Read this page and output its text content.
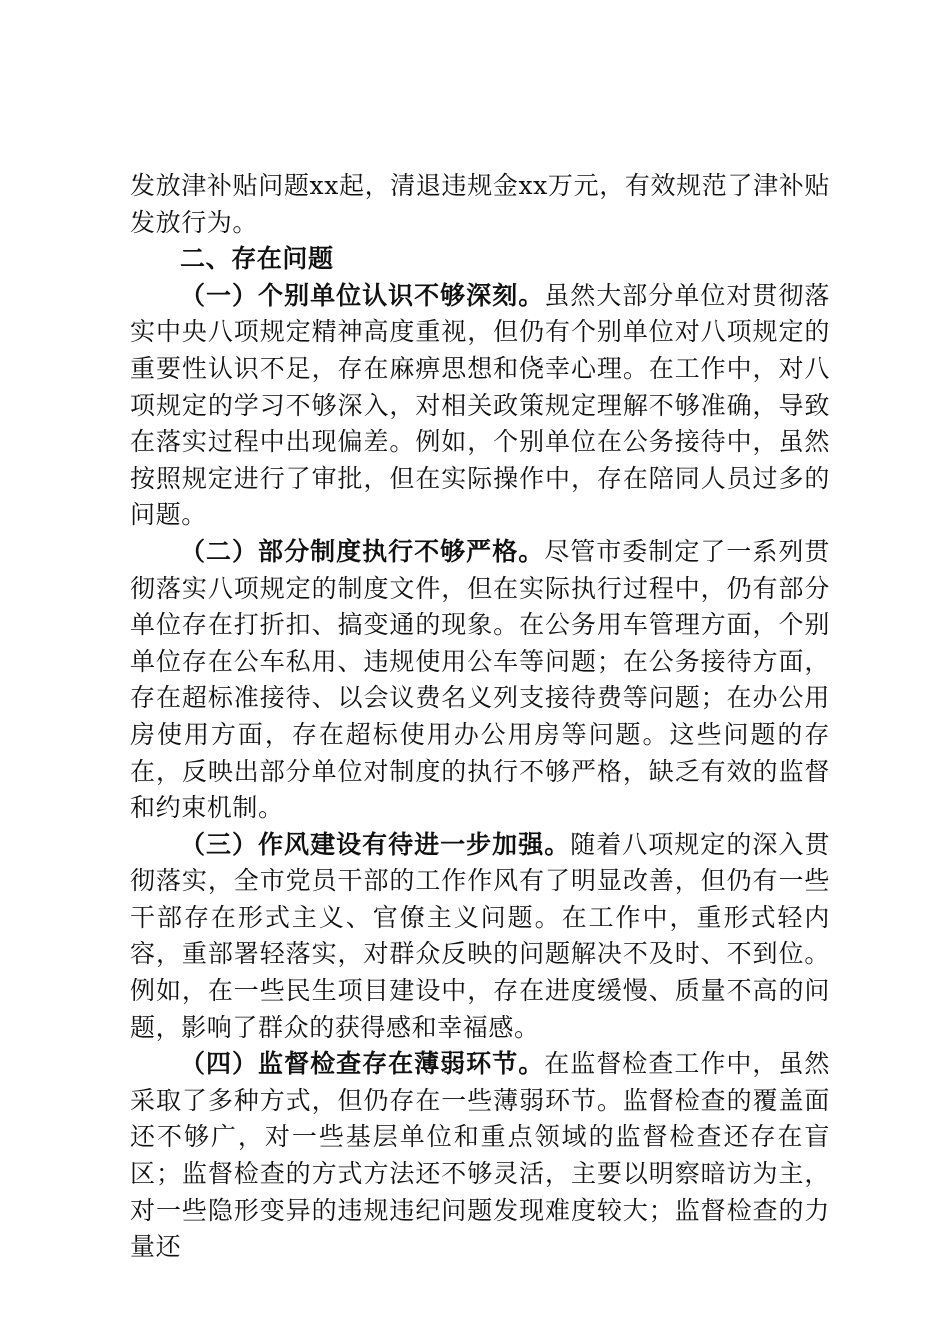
发放津补贴问题xx起，清退违规金xx万元，有效规范了津补贴发放行为。

二、存在问题

（一）个别单位认识不够深刻。虽然大部分单位对贯彻落实中央八项规定精神高度重视，但仍有个别单位对八项规定的重要性认识不足，存在麻痹思想和侥幸心理。在工作中，对八项规定的学习不够深入，对相关政策规定理解不够准确，导致在落实过程中出现偏差。例如，个别单位在公务接待中，虽然按照规定进行了审批，但在实际操作中，存在陪同人员过多的问题。

（二）部分制度执行不够严格。尽管市委制定了一系列贯彻落实八项规定的制度文件，但在实际执行过程中，仍有部分单位存在打折扣、搞变通的现象。在公务用车管理方面，个别单位存在公车私用、违规使用公车等问题；在公务接待方面，存在超标准接待、以会议费名义列支接待费等问题；在办公用房使用方面，存在超标使用办公用房等问题。这些问题的存在，反映出部分单位对制度的执行不够严格，缺乏有效的监督和约束机制。

（三）作风建设有待进一步加强。随着八项规定的深入贯彻落实，全市党员干部的工作作风有了明显改善，但仍有一些干部存在形式主义、官僚主义问题。在工作中，重形式轻内容，重部署轻落实，对群众反映的问题解决不及时、不到位。例如，在一些民生项目建设中，存在进度缓慢、质量不高的问题，影响了群众的获得感和幸福感。

（四）监督检查存在薄弱环节。在监督检查工作中，虽然采取了多种方式，但仍存在一些薄弱环节。监督检查的覆盖面还不够广，对一些基层单位和重点领域的监督检查还存在盲区；监督检查的方式方法还不够灵活，主要以明察暗访为主，对一些隐形变异的违规违纪问题发现难度较大；监督检查的力量还
